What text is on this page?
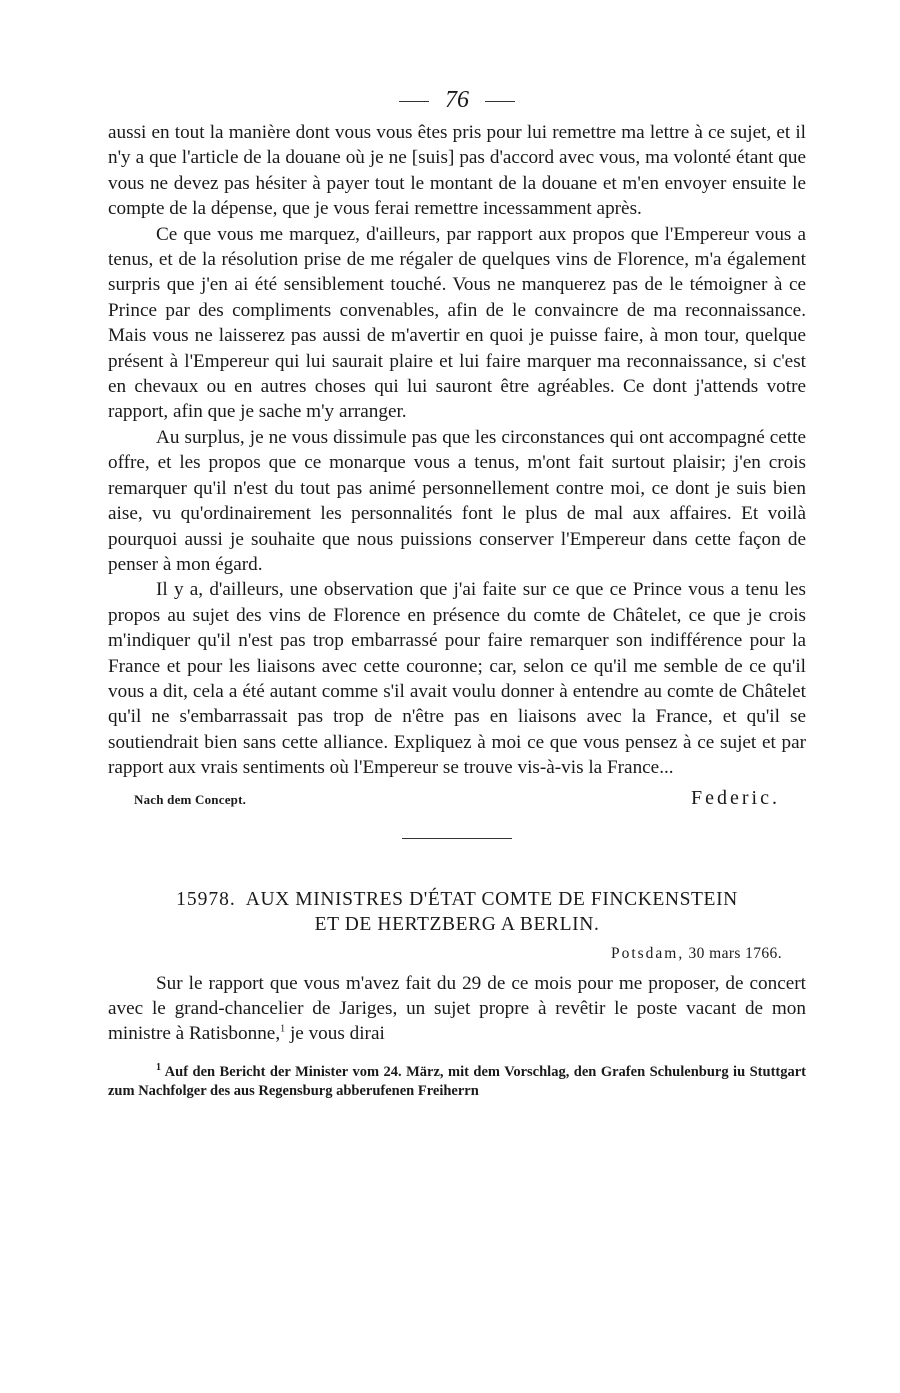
76

aussi en tout la manière dont vous vous êtes pris pour lui remettre ma lettre à ce sujet, et il n'y a que l'article de la douane où je ne [suis] pas d'accord avec vous, ma volonté étant que vous ne devez pas hésiter à payer tout le montant de la douane et m'en envoyer ensuite le compte de la dépense, que je vous ferai remettre incessamment après.

Ce que vous me marquez, d'ailleurs, par rapport aux propos que l'Empereur vous a tenus, et de la résolution prise de me régaler de quelques vins de Florence, m'a également surpris que j'en ai été sensiblement touché. Vous ne manquerez pas de le témoigner à ce Prince par des compliments convenables, afin de le convaincre de ma reconnaissance. Mais vous ne laisserez pas aussi de m'avertir en quoi je puisse faire, à mon tour, quelque présent à l'Empereur qui lui saurait plaire et lui faire marquer ma reconnaissance, si c'est en chevaux ou en autres choses qui lui sauront être agréables. Ce dont j'attends votre rapport, afin que je sache m'y arranger.

Au surplus, je ne vous dissimule pas que les circonstances qui ont accompagné cette offre, et les propos que ce monarque vous a tenus, m'ont fait surtout plaisir; j'en crois remarquer qu'il n'est du tout pas animé personnellement contre moi, ce dont je suis bien aise, vu qu'ordinairement les personnalités font le plus de mal aux affaires. Et voilà pourquoi aussi je souhaite que nous puissions conserver l'Empereur dans cette façon de penser à mon égard.

Il y a, d'ailleurs, une observation que j'ai faite sur ce que ce Prince vous a tenu les propos au sujet des vins de Florence en présence du comte de Châtelet, ce que je crois m'indiquer qu'il n'est pas trop embarrassé pour faire remarquer son indifférence pour la France et pour les liaisons avec cette couronne; car, selon ce qu'il me semble de ce qu'il vous a dit, cela a été autant comme s'il avait voulu donner à entendre au comte de Châtelet qu'il ne s'embarrassait pas trop de n'être pas en liaisons avec la France, et qu'il se soutiendrait bien sans cette alliance. Expliquez à moi ce que vous pensez à ce sujet et par rapport aux vrais sentiments où l'Empereur se trouve vis-à-vis la France...

Nach dem Concept.	Federic.
15978. AUX MINISTRES D'ÉTAT COMTE DE FINCKENSTEIN
ET DE HERTZBERG A BERLIN.
Potsdam, 30 mars 1766.

Sur le rapport que vous m'avez fait du 29 de ce mois pour me proposer, de concert avec le grand-chancelier de Jariges, un sujet propre à revêtir le poste vacant de mon ministre à Ratisbonne,$^1$ je vous dirai

$^1$ Auf den Bericht der Minister vom 24. März, mit dem Vorschlag, den Grafen Schulenburg iu Stuttgart zum Nachfolger des aus Regensburg abberufenen Freiherrn
